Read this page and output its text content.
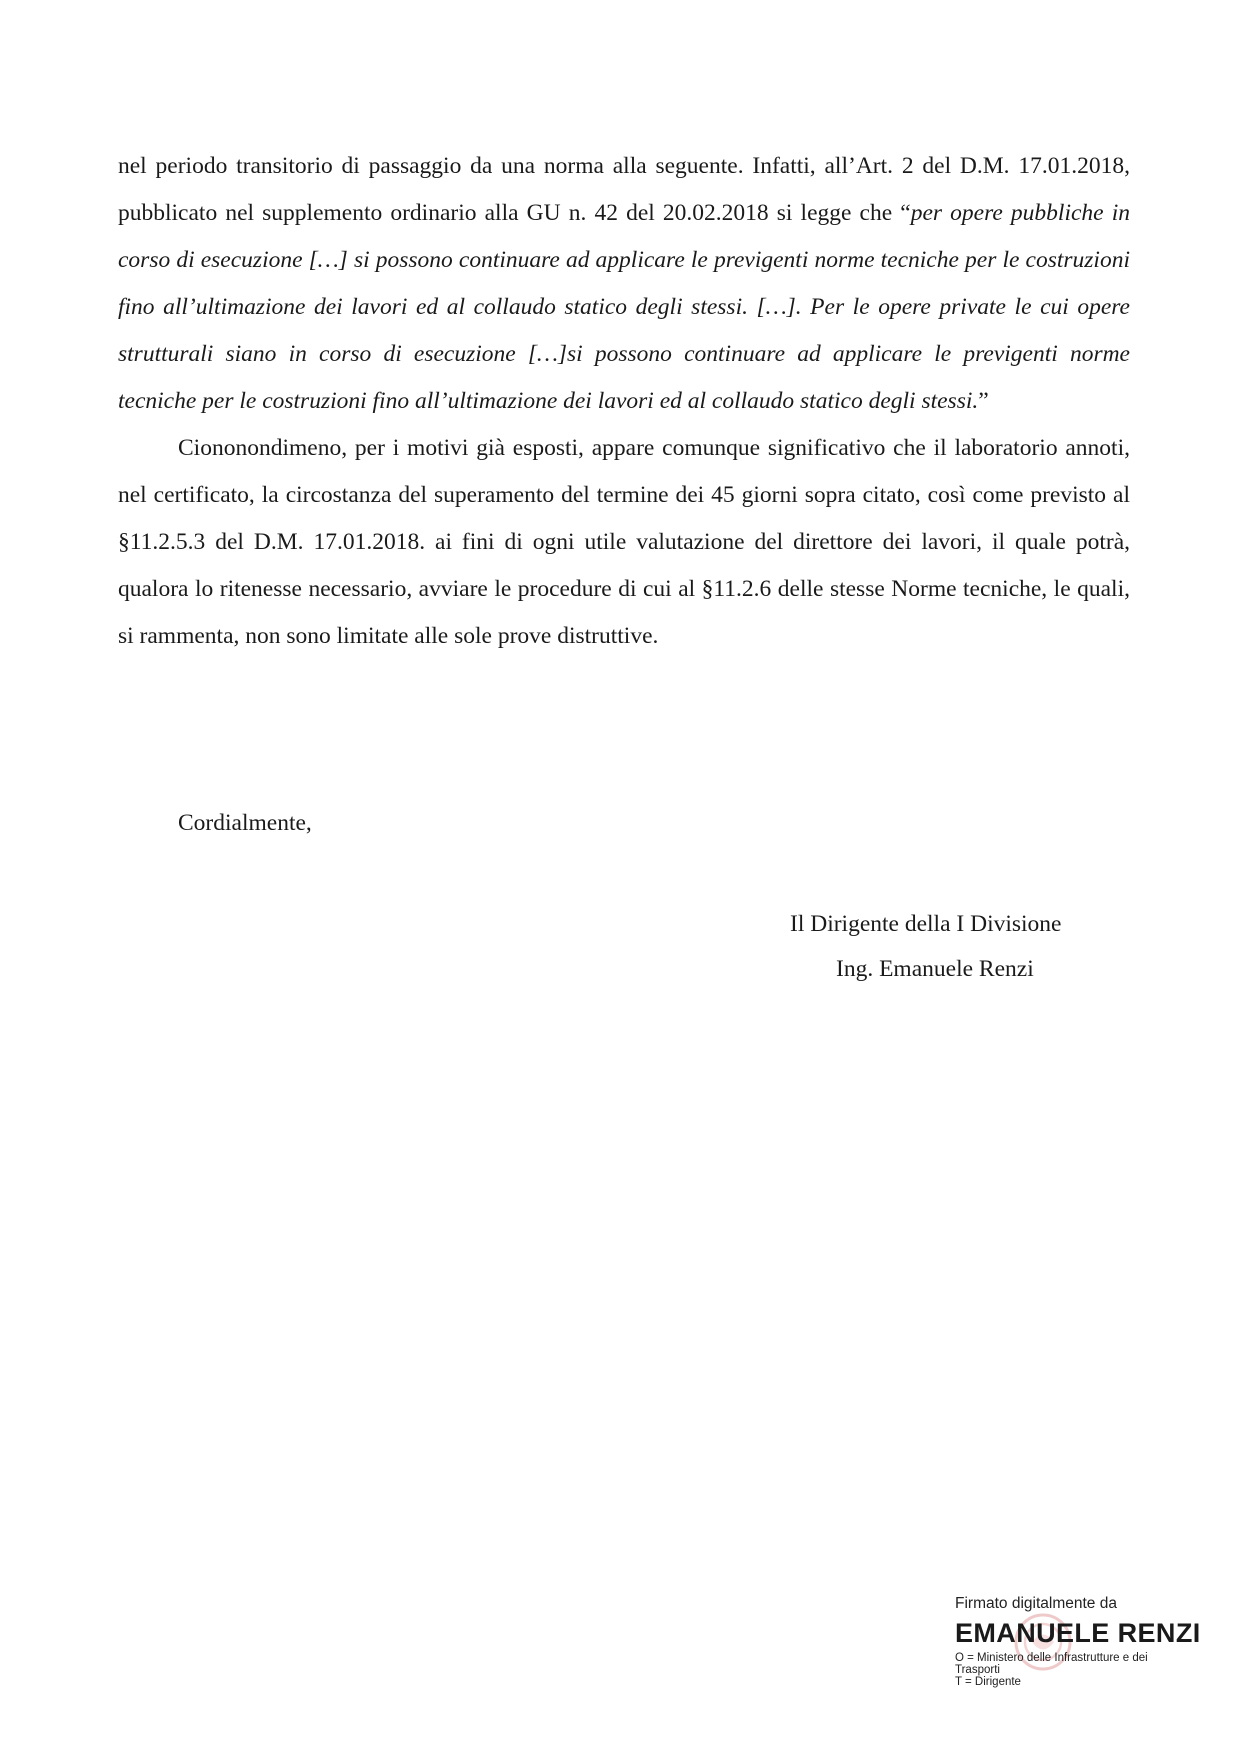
nel periodo transitorio di passaggio da una norma alla seguente. Infatti, all’Art. 2 del D.M. 17.01.2018, pubblicato nel supplemento ordinario alla GU n. 42 del 20.02.2018 si legge che “per opere pubbliche in corso di esecuzione […] si possono continuare ad applicare le previgenti norme tecniche per le costruzioni fino all’ultimazione dei lavori ed al collaudo statico degli stessi. […]. Per le opere private le cui opere strutturali siano in corso di esecuzione […]si possono continuare ad applicare le previgenti norme tecniche per le costruzioni fino all’ultimazione dei lavori ed al collaudo statico degli stessi.”

Ciononondimeno, per i motivi già esposti, appare comunque significativo che il laboratorio annoti, nel certificato, la circostanza del superamento del termine dei 45 giorni sopra citato, così come previsto al §11.2.5.3 del D.M. 17.01.2018. ai fini di ogni utile valutazione del direttore dei lavori, il quale potrà, qualora lo ritenesse necessario, avviare le procedure di cui al §11.2.6 delle stesse Norme tecniche, le quali, si rammenta, non sono limitate alle sole prove distruttive.

Cordialmente,
Il Dirigente della I Divisione
Ing. Emanuele Renzi
Firmato digitalmente da
EMANUELE RENZI
O = Ministero delle Infrastrutture e dei
Trasporti
T = Dirigente
